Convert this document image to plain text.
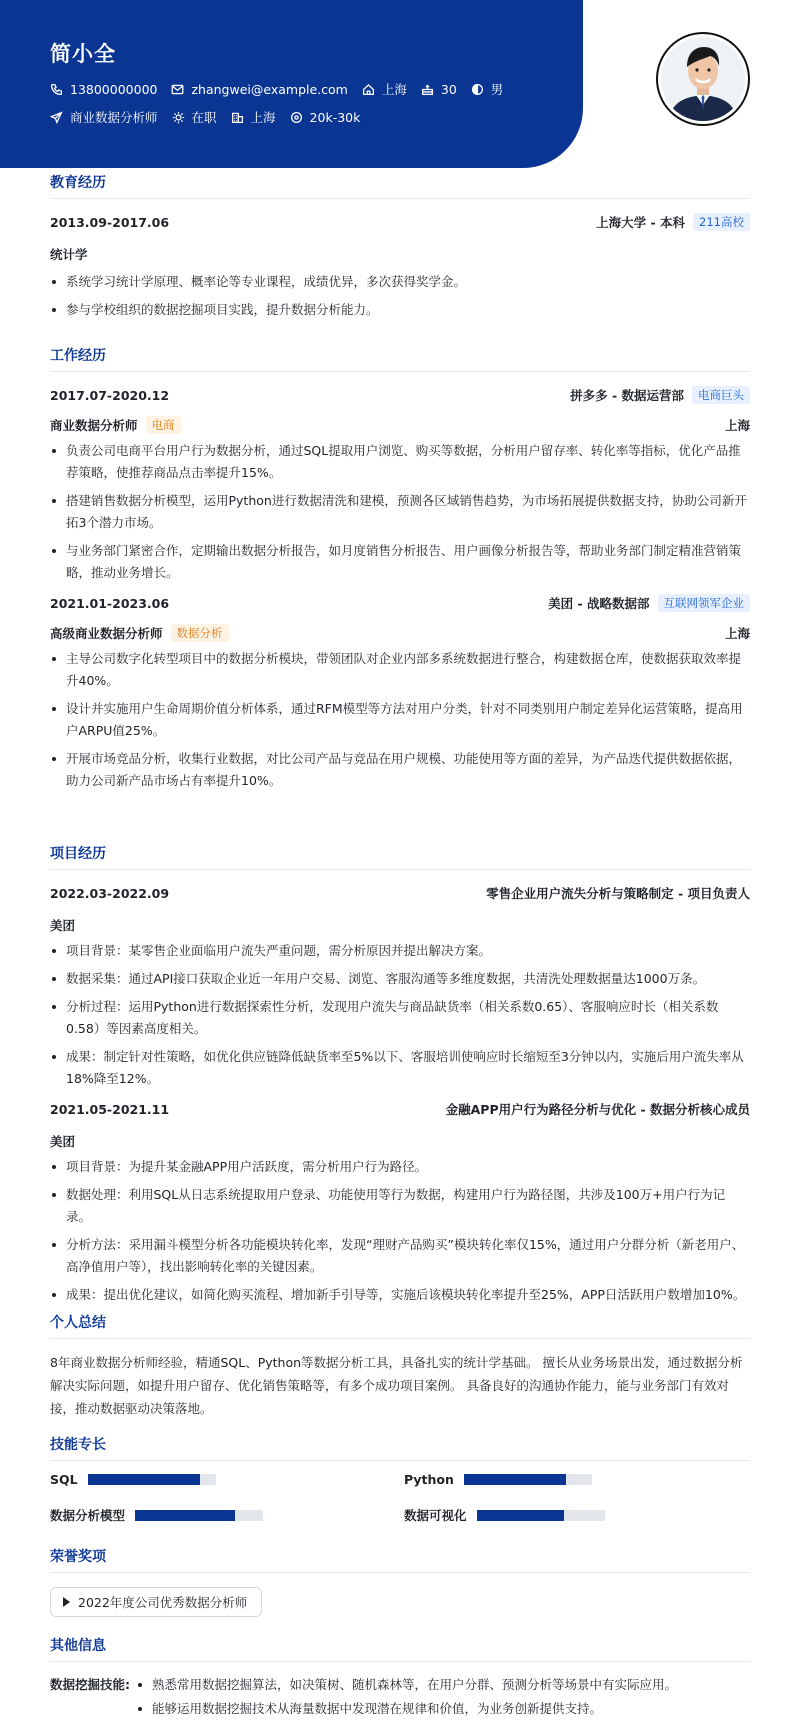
简小全
13800000000	zhangwei@example.com	上海	30	男
商业数据分析师	在职	上海	20k-30k
教育经历
2013.09-2017.06	上海大学 - 本科	211高校
统计学
系统学习统计学原理、概率论等专业课程，成绩优异，多次获得奖学金。
参与学校组织的数据挖掘项目实践，提升数据分析能力。
工作经历
2017.07-2020.12	拼多多 - 数据运营部	电商巨头
商业数据分析师	电商	上海
负责公司电商平台用户行为数据分析，通过SQL提取用户浏览、购买等数据，分析用户留存率、转化率等指标，优化产品推荐策略，使推荐商品点击率提升15%。
搭建销售数据分析模型，运用Python进行数据清洗和建模，预测各区域销售趋势，为市场拓展提供数据支持，协助公司新开拓3个潜力市场。
与业务部门紧密合作，定期输出数据分析报告，如月度销售分析报告、用户画像分析报告等，帮助业务部门制定精准营销策略，推动业务增长。
2021.01-2023.06	美团 - 战略数据部	互联网领军企业
高级商业数据分析师	数据分析	上海
主导公司数字化转型项目中的数据分析模块，带领团队对企业内部多系统数据进行整合，构建数据仓库，使数据获取效率提升40%。
设计并实施用户生命周期价值分析体系，通过RFM模型等方法对用户分类，针对不同类别用户制定差异化运营策略，提高用户ARPU值25%。
开展市场竞品分析，收集行业数据，对比公司产品与竞品在用户规模、功能使用等方面的差异，为产品迭代提供数据依据，助力公司新产品市场占有率提升10%。
项目经历
2022.03-2022.09	零售企业用户流失分析与策略制定 - 项目负责人
美团
项目背景：某零售企业面临用户流失严重问题，需分析原因并提出解决方案。
数据采集：通过API接口获取企业近一年用户交易、浏览、客服沟通等多维度数据，共清洗处理数据量达1000万条。
分析过程：运用Python进行数据探索性分析，发现用户流失与商品缺货率（相关系数0.65）、客服响应时长（相关系数0.58）等因素高度相关。
成果：制定针对性策略，如优化供应链降低缺货率至5%以下、客服培训使响应时长缩短至3分钟以内，实施后用户流失率从18%降至12%。
2021.05-2021.11	金融APP用户行为路径分析与优化 - 数据分析核心成员
美团
项目背景：为提升某金融APP用户活跃度，需分析用户行为路径。
数据处理：利用SQL从日志系统提取用户登录、功能使用等行为数据，构建用户行为路径图，共涉及100万+用户行为记录。
分析方法：采用漏斗模型分析各功能模块转化率，发现“理财产品购买”模块转化率仅15%，通过用户分群分析（新老用户、高净值用户等），找出影响转化率的关键因素。
成果：提出优化建议，如简化购买流程、增加新手引导等，实施后该模块转化率提升至25%，APP日活跃用户数增加10%。
个人总结
8年商业数据分析师经验，精通SQL、Python等数据分析工具，具备扎实的统计学基础。 擅长从业务场景出发，通过数据分析解决实际问题，如提升用户留存、优化销售策略等，有多个成功项目案例。 具备良好的沟通协作能力，能与业务部门有效对接，推动数据驱动决策落地。
技能专长
SQL	Python
数据分析模型	数据可视化
荣誉奖项
2022年度公司优秀数据分析师
其他信息
数据挖掘技能:	熟悉常用数据挖掘算法，如决策树、随机森林等，在用户分群、预测分析等场景中有实际应用。
能够运用数据挖掘技术从海量数据中发现潜在规律和价值，为业务创新提供支持。
